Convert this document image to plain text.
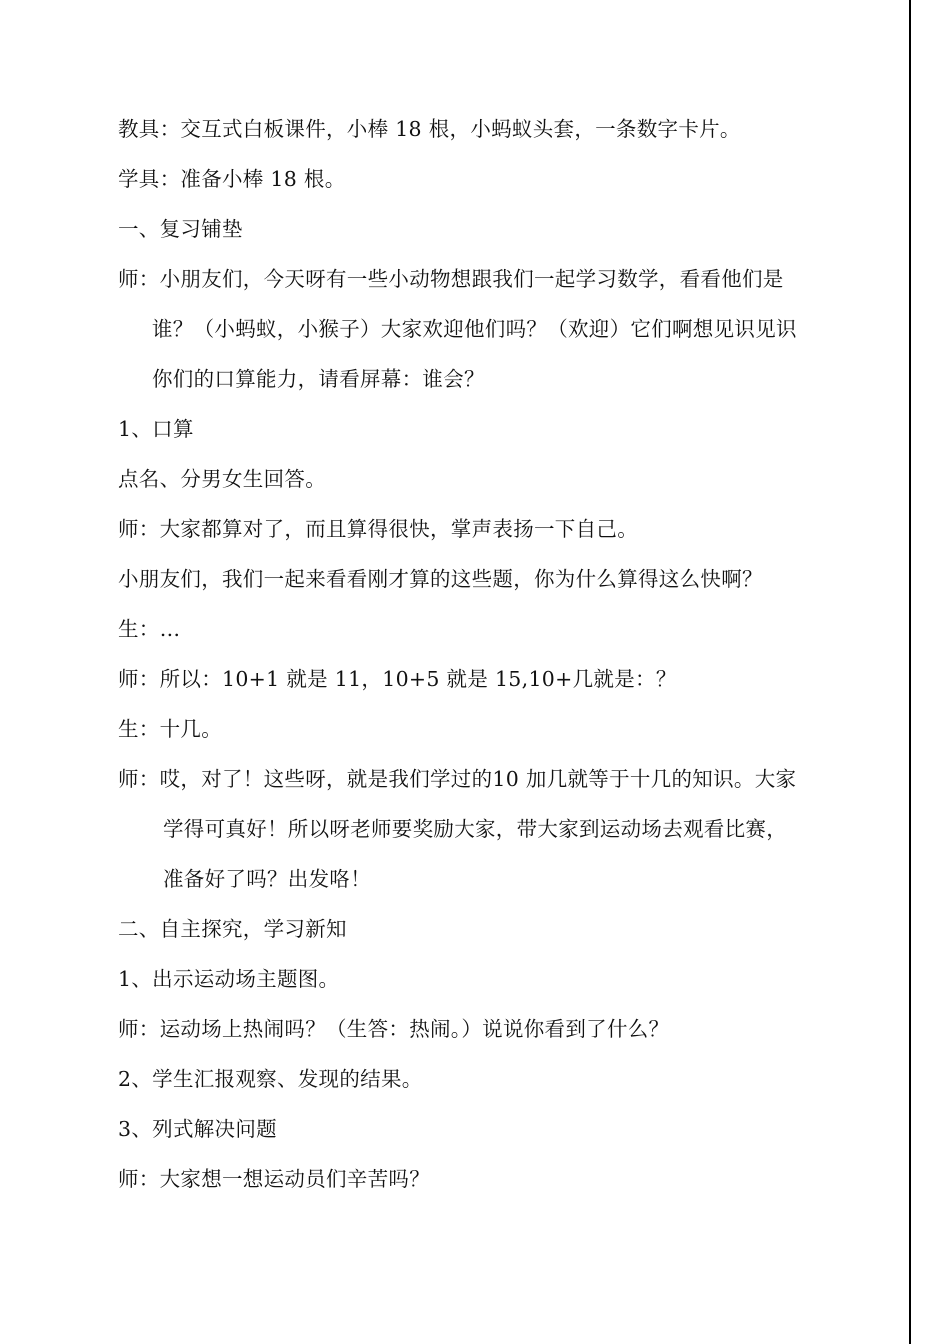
教具：交互式白板课件，小棒 18 根，小蚂蚁头套，一条数字卡片。
学具：准备小棒 18 根。
一、复习铺垫
师：小朋友们，今天呀有一些小动物想跟我们一起学习数学，看看他们是
谁？（小蚂蚁，小猴子）大家欢迎他们吗？（欢迎）它们啊想见识见识
你们的口算能力，请看屏幕：谁会？
1、口算
点名、分男女生回答。
师：大家都算对了，而且算得很快，掌声表扬一下自己。
小朋友们，我们一起来看看刚才算的这些题，你为什么算得这么快啊？
生：…
师：所以：10+1 就是 11，10+5 就是 15,10+几就是：？
生：十几。
师：哎，对了！这些呀，就是我们学过的10 加几就等于十几的知识。大家
学得可真好！所以呀老师要奖励大家，带大家到运动场去观看比赛，
准备好了吗？出发咯！
二、自主探究，学习新知
1、出示运动场主题图。
师：运动场上热闹吗？（生答：热闹。）说说你看到了什么？
2、学生汇报观察、发现的结果。
3、列式解决问题
师：大家想一想运动员们辛苦吗？
